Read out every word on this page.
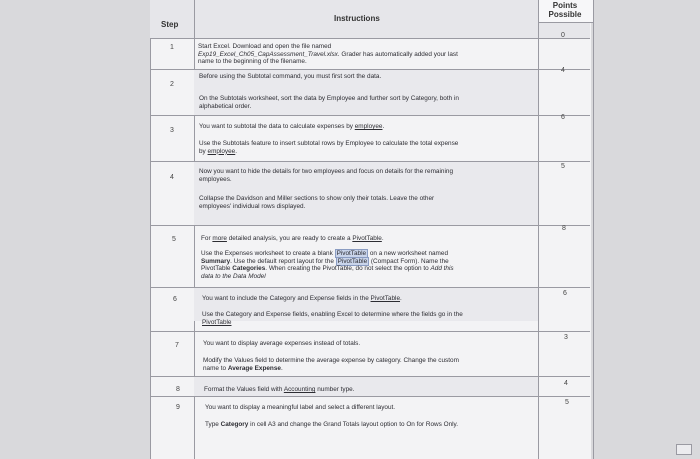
Step
Instructions
Points
Possible
1
0
Start Excel. Download and open the file named
Exp19_Excel_Ch05_CapAssessment_Travel.xlsx. Grader has automatically added your last
name to the beginning of the filename.
2
4
Before using the Subtotal command, you must first sort the data.
On the Subtotals worksheet, sort the data by Employee and further sort by Category, both in
alphabetical order.
3
6
You want to subtotal the data to calculate expenses by employee.
Use the Subtotals feature to insert subtotal rows by Employee to calculate the total expense
by employee.
4
5
Now you want to hide the details for two employees and focus on details for the remaining
employees.
Collapse the Davidson and Miller sections to show only their totals. Leave the other
employees' individual rows displayed.
5
8
For more detailed analysis, you are ready to create a PivotTable.
Use the Expenses worksheet to create a blank PivotTable on a new worksheet named
Summary. Use the default report layout for the PivotTable (Compact Form). Name the
PivotTable Categories. When creating the PivotTable, do not select the option to Add this
data to the Data Model
6
6
You want to include the Category and Expense fields in the PivotTable.
Use the Category and Expense fields, enabling Excel to determine where the fields go in the
PivotTable
7
3
You want to display average expenses instead of totals.
Modify the Values field to determine the average expense by category. Change the custom
name to Average Expense.
8
4
Format the Values field with Accounting number type.
9
5
You want to display a meaningful label and select a different layout.
Type Category in cell A3 and change the Grand Totals layout option to On for Rows Only.
